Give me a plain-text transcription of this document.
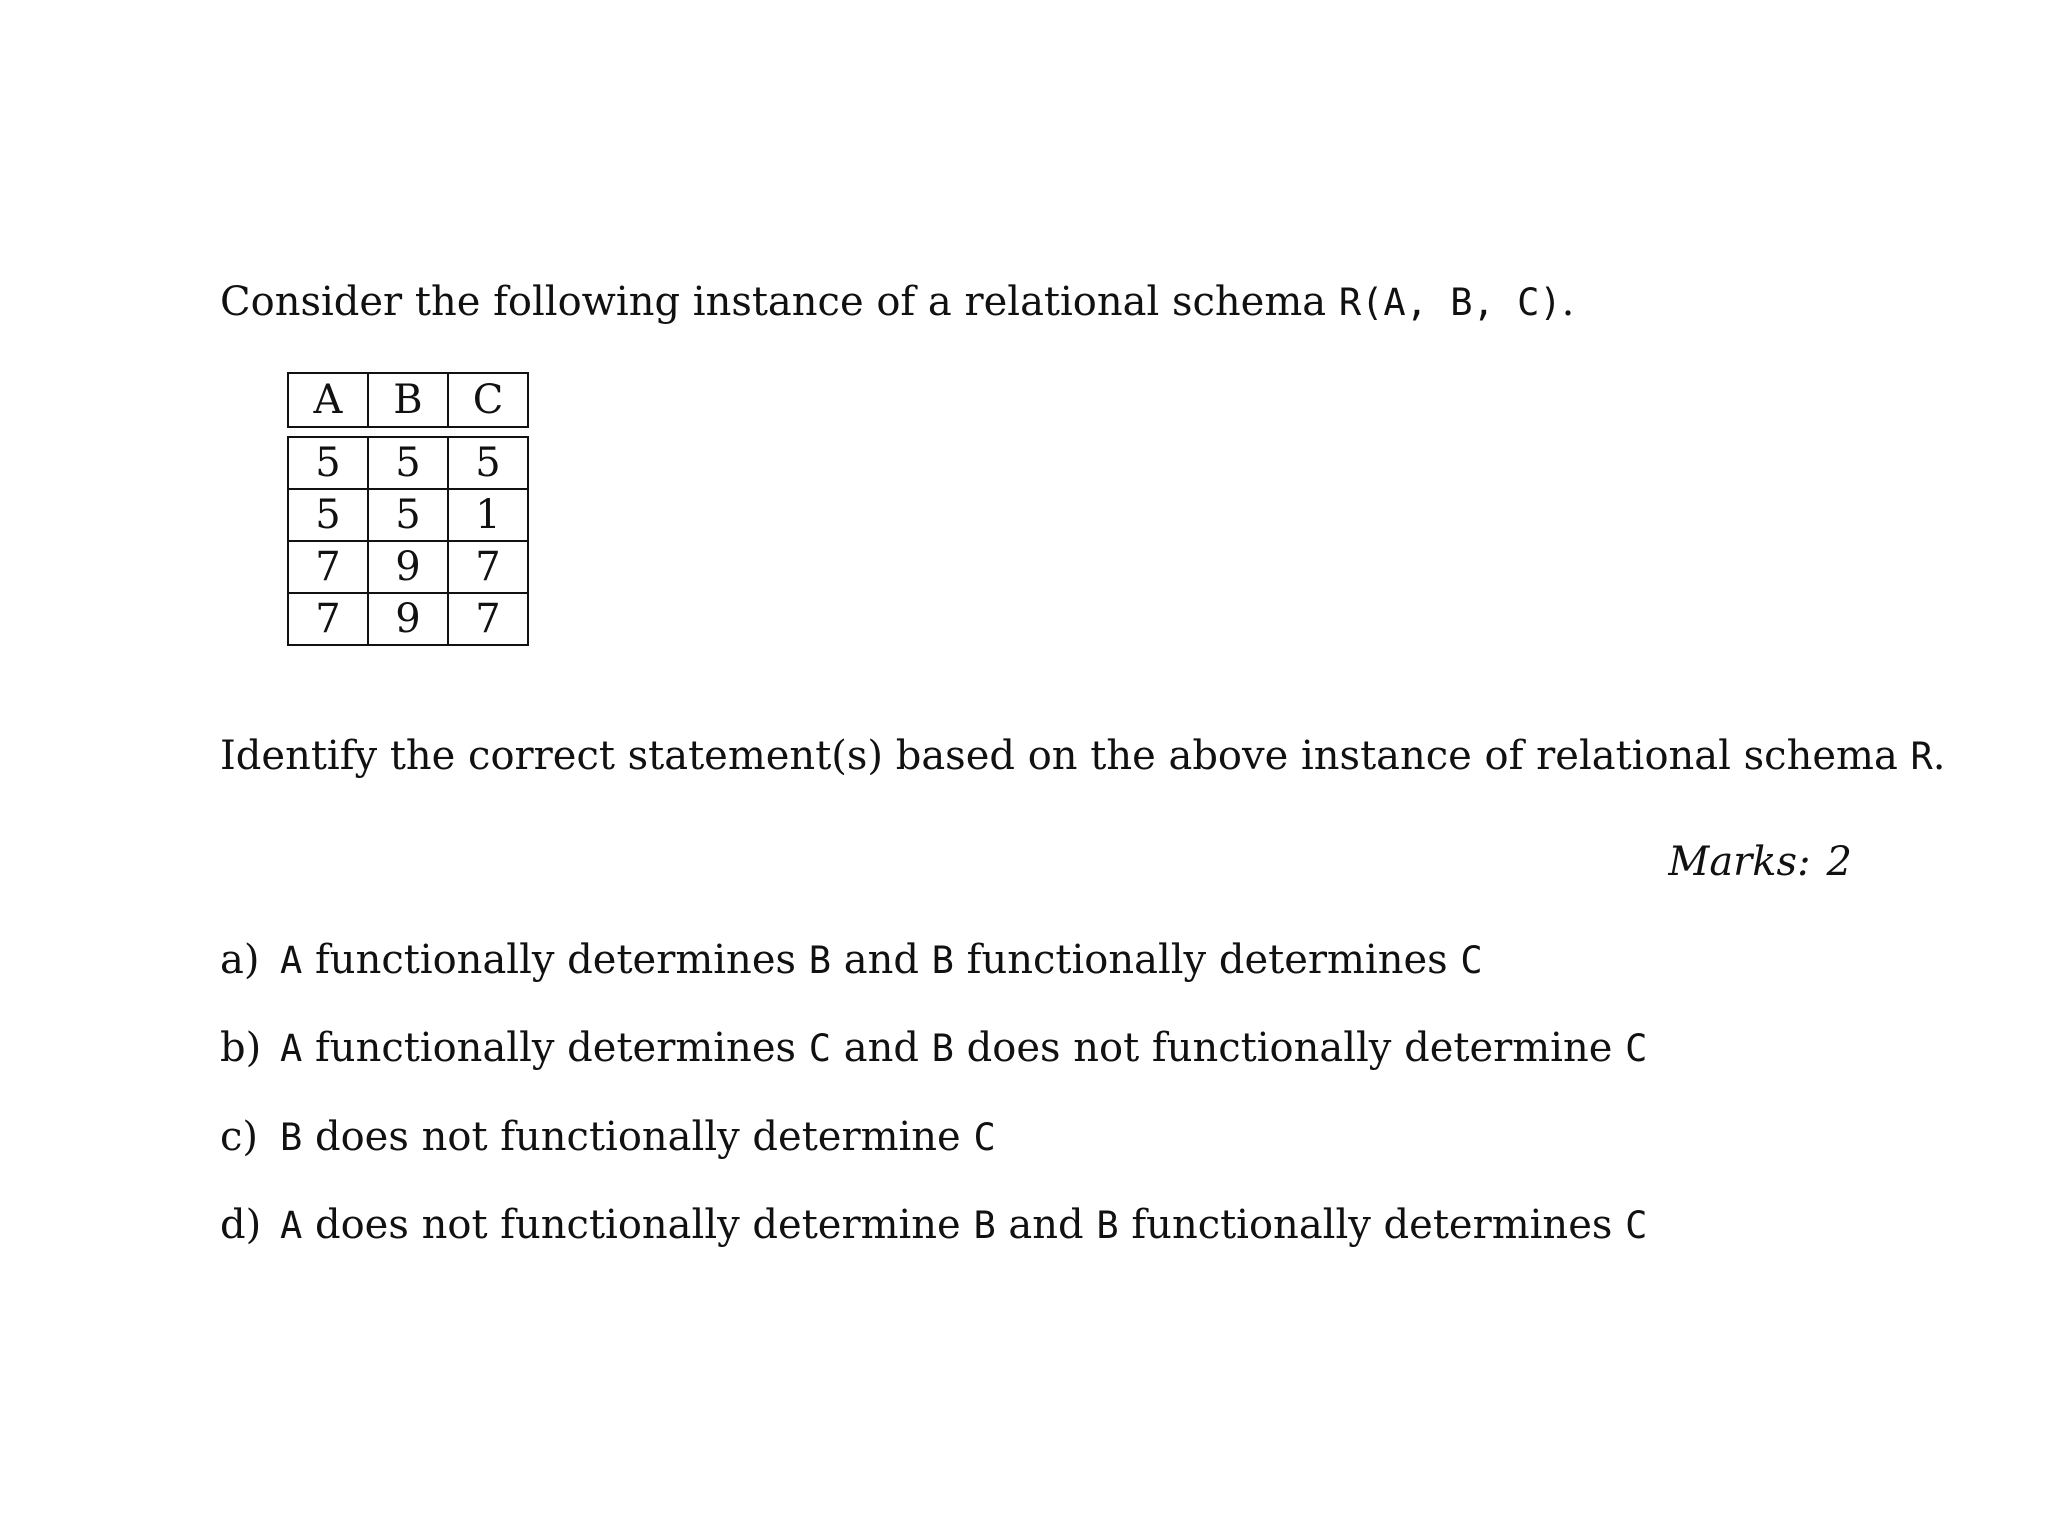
Consider the following instance of a relational schema R(A, B, C).
A	B	C

5	5	5
5	5	1
7	9	7
7	9	7
Identify the correct statement(s) based on the above instance of relational schema R.
Marks: 2
a) A functionally determines B and B functionally determines C
b) A functionally determines C and B does not functionally determine C
c) B does not functionally determine C
d) A does not functionally determine B and B functionally determines C
